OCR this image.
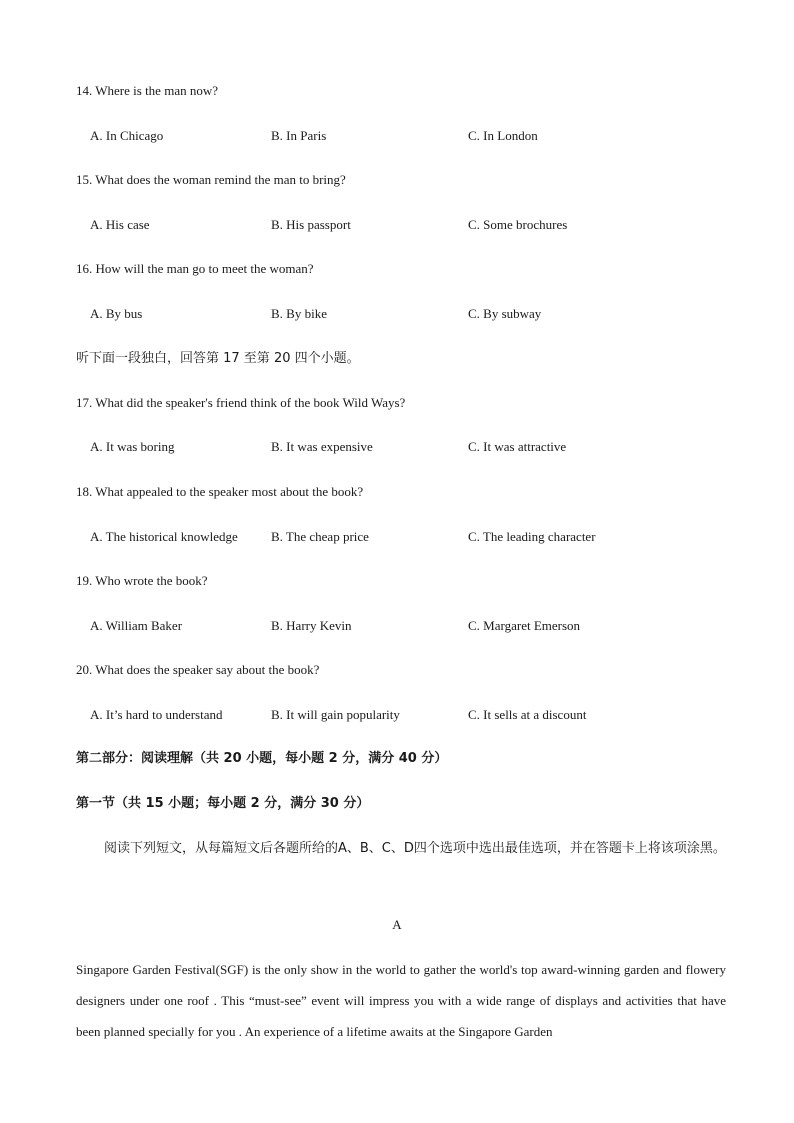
14. Where is the man now?
A. In Chicago	B. In Paris	C. In London
15. What does the woman remind the man to bring?
A. His case	B. His passport	C. Some brochures
16. How will the man go to meet the woman?
A. By bus	B. By bike	C. By subway
听下面一段独白，回答第 17 至第 20 四个小题。
17. What did the speaker's friend think of the book Wild Ways?
A. It was boring	B. It was expensive	C. It was attractive
18. What appealed to the speaker most about the book?
A. The historical knowledge	B. The cheap price	C. The leading character
19. Who wrote the book?
A. William Baker	B. Harry Kevin	C. Margaret Emerson
20. What does the speaker say about the book?
A. It’s hard to understand	B. It will gain popularity	C. It sells at a discount
第二部分：阅读理解（共 20 小题，每小题 2 分，满分 40 分）
第一节（共 15 小题；每小题 2 分，满分 30 分）
阅读下列短文，从每篇短文后各题所给的A、B、C、D四个选项中选出最佳选项，并在答题卡上将该项涂黑。
A
Singapore Garden Festival(SGF) is the only show in the world to gather the world's top award-winning garden and flowery designers under one roof . This “must-see” event will impress you with a wide range of displays and activities that have been planned specially for you . An experience of a lifetime awaits at the Singapore Garden
